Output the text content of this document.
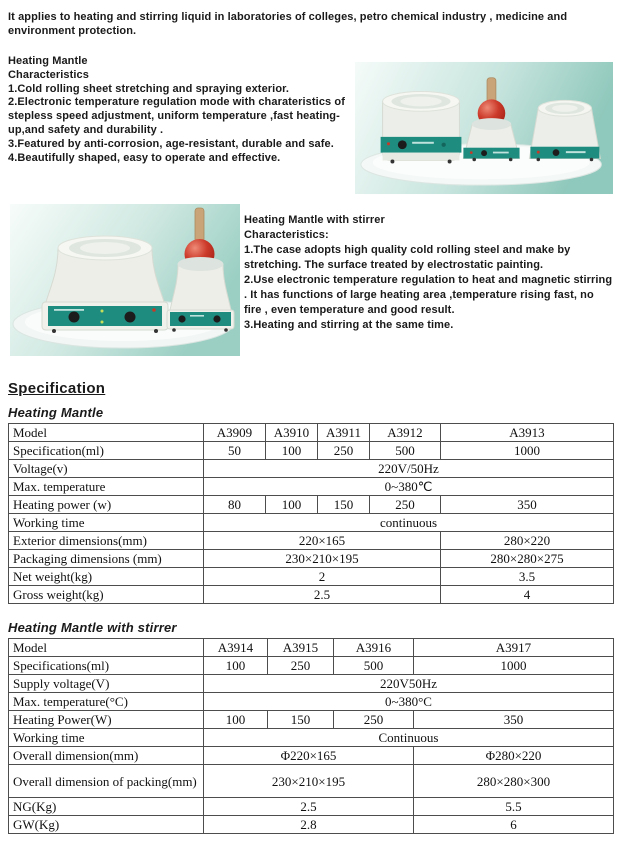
It applies to heating and stirring liquid in laboratories of colleges, petro chemical industry , medicine and environment protection.

Heating Mantle
Characteristics
1.Cold rolling sheet stretching and spraying exterior.
2.Electronic temperature regulation mode with charateristics of stepless speed adjustment, uniform temperature ,fast heating-up,and safety and durability .
3.Featured by anti-corrosion, age-resistant, durable and safe.
4.Beautifully shaped, easy to operate and effective.
Heating Mantle with stirrer
Characteristics:
1.The case adopts high quality cold rolling steel and make by stretching. The surface treated by electrostatic painting.
2.Use electronic temperature regulation to heat and magnetic stirring . It has functions of large heating area ,temperature rising fast, no fire , even temperature and good result.
3.Heating and stirring at the same time.
Specification
Heating Mantle
Model	A3909	A3910	A3911	A3912	A3913
Specification(ml)	50	100	250	500	1000
Voltage(v)	220V/50Hz				
Max. temperature	0~380℃				
Heating power (w)	80	100	150	250	350
Working time	continuous				
Exterior dimensions(mm)	220×165				280×220
Packaging dimensions (mm)	230×210×195				280×280×275
Net weight(kg)	2				3.5
Gross weight(kg)	2.5				4
Heating Mantle with stirrer
Model	A3914	A3915	A3916	A3917
Specifications(ml)	100	250	500	1000
Supply voltage(V)	220V50Hz			
Max. temperature(°C)	0~380°C			
Heating Power(W)	100	150	250	350
Working time	Continuous			
Overall dimension(mm)	Φ220×165			Φ280×220
Overall dimension of packing(mm)	230×210×195			280×280×300
NG(Kg)	2.5			5.5
GW(Kg)	2.8			6
